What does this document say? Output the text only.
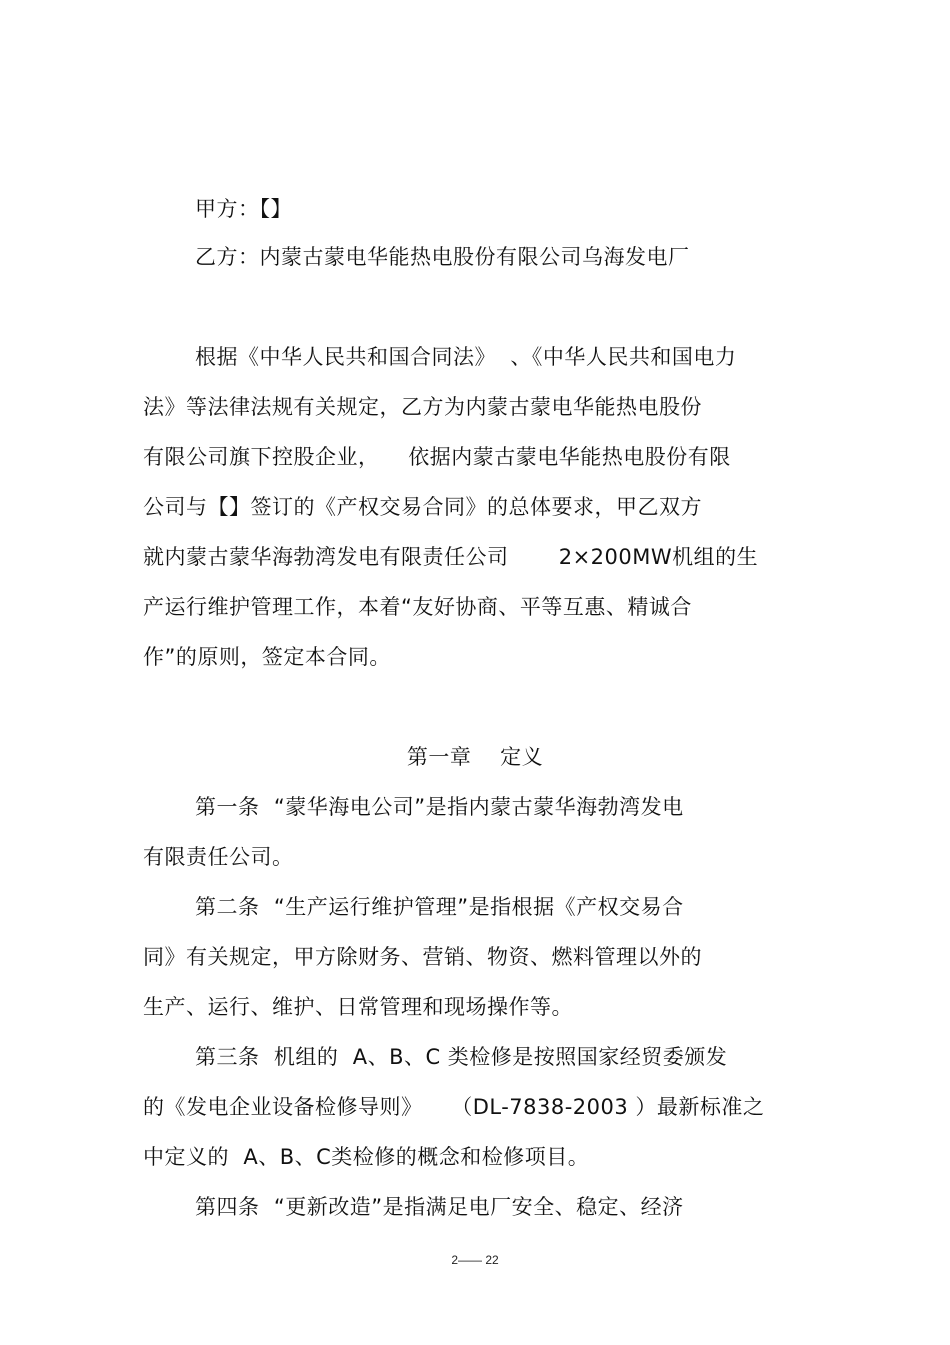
甲方：【】
乙方：内蒙古蒙电华能热电股份有限公司乌海发电厂
根据《中华人民共和国合同法》  、《中华人民共和国电力
法》等法律法规有关规定，乙方为内蒙古蒙电华能热电股份
有限公司旗下控股企业，    依据内蒙古蒙电华能热电股份有限
公司与【】签订的《产权交易合同》的总体要求，甲乙双方
就内蒙古蒙华海勃湾发电有限责任公司       2×200MW机组的生
产运行维护管理工作，本着“友好协商、平等互惠、精诚合
作”的原则，签定本合同。
第一章    定义
第一条  “蒙华海电公司”是指内蒙古蒙华海勃湾发电
有限责任公司。
第二条  “生产运行维护管理”是指根据《产权交易合
同》有关规定，甲方除财务、营销、物资、燃料管理以外的
生产、运行、维护、日常管理和现场操作等。
第三条  机组的  A、B、C 类检修是按照国家经贸委颁发
的《发电企业设备检修导则》    （DL-7838-2003 ）最新标准之
中定义的  A、B、C类检修的概念和检修项目。
第四条  “更新改造”是指满足电厂安全、稳定、经济
2—— 22
